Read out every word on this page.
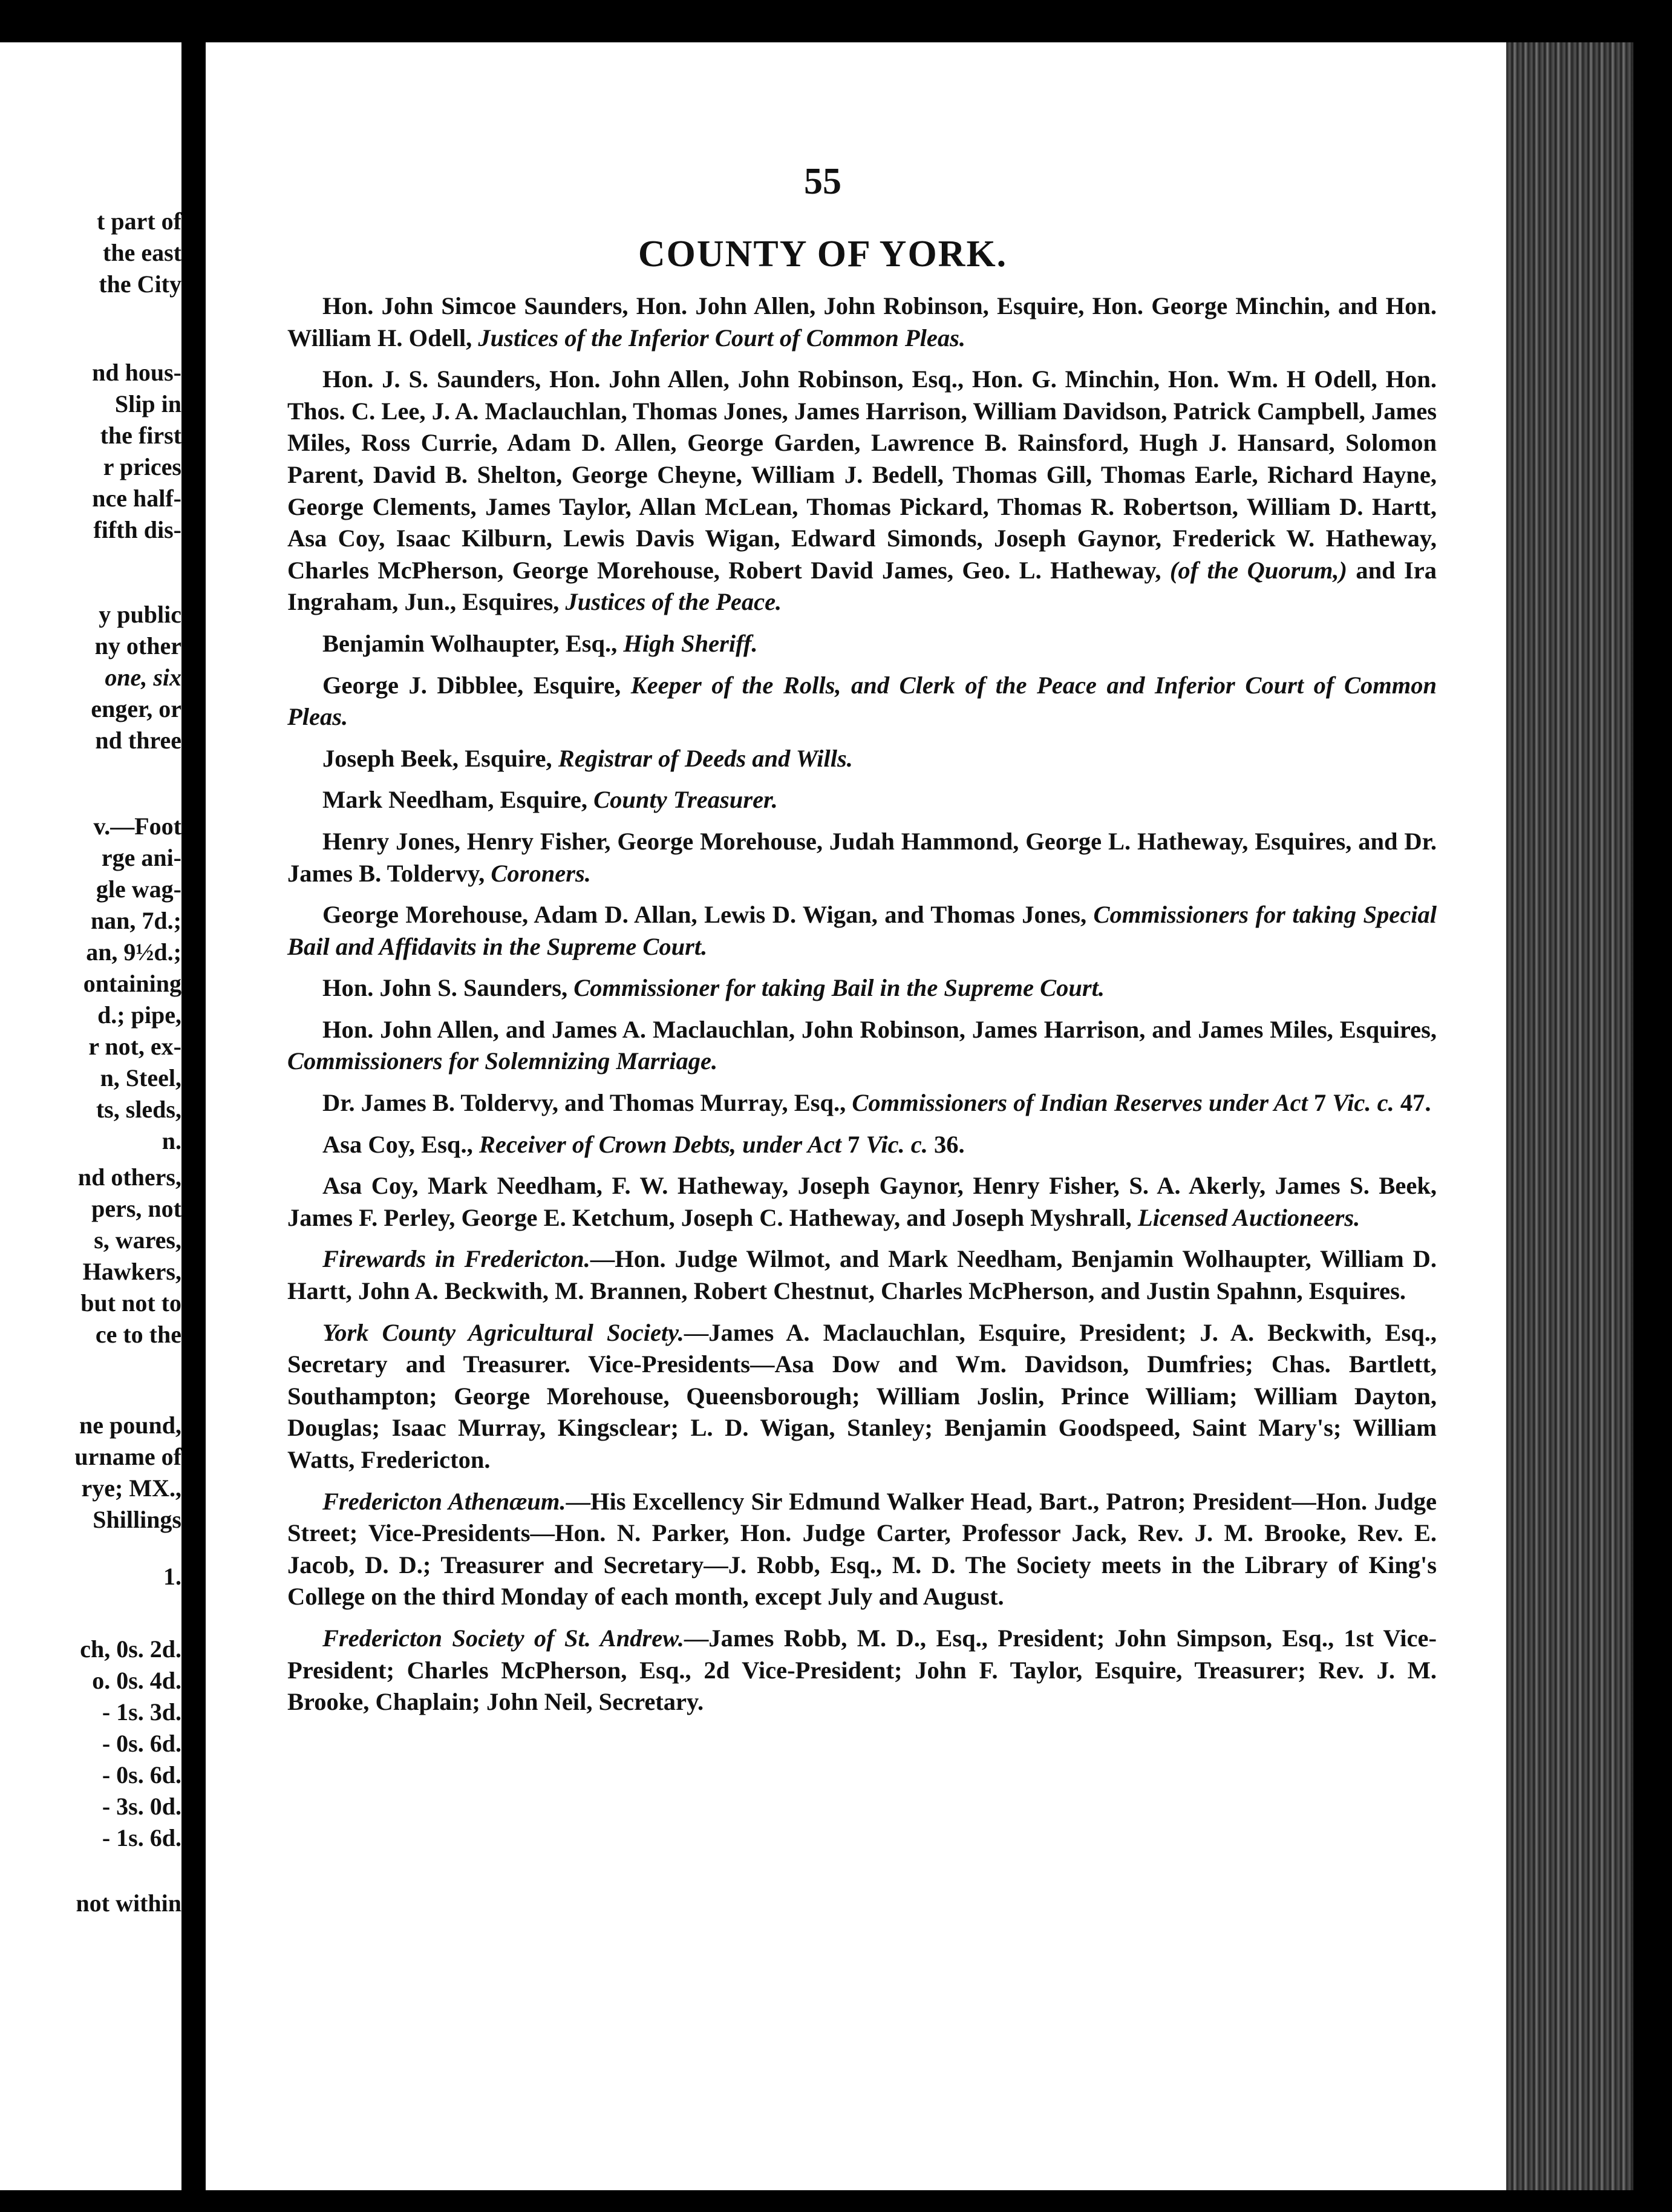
t part of
the east
the City
nd hous-
Slip in
the first
r prices
nce half-
fifth dis-
y public
ny other
one, six
enger, or
nd three
v.—Foot
rge ani-
gle wag-
nan, 7d.;
an, 9½d.;
ontaining
d.; pipe,
r not, ex-
n, Steel,
ts, sleds,
n.
nd others,
pers, not
s, wares,
Hawkers,
but not to
ce to the
ne pound,
urname of
rye; MX.,
Shillings
1.
ch, 0s. 2d.
o. 0s. 4d.
- 1s. 3d.
- 0s. 6d.
- 0s. 6d.
- 3s. 0d.
- 1s. 6d.
not within
55
COUNTY OF YORK.

Hon. John Simcoe Saunders, Hon. John Allen, John Robinson, Esquire, Hon. George Minchin, and Hon. William H. Odell, Justices of the Inferior Court of Common Pleas.

Hon. J. S. Saunders, Hon. John Allen, John Robinson, Esq., Hon. G. Minchin, Hon. Wm. H Odell, Hon. Thos. C. Lee, J. A. Maclauchlan, Thomas Jones, James Harrison, William Davidson, Patrick Campbell, James Miles, Ross Currie, Adam D. Allen, George Garden, Lawrence B. Rainsford, Hugh J. Hansard, Solomon Parent, David B. Shelton, George Cheyne, William J. Bedell, Thomas Gill, Thomas Earle, Richard Hayne, George Clements, James Taylor, Allan McLean, Thomas Pickard, Thomas R. Robertson, William D. Hartt, Asa Coy, Isaac Kilburn, Lewis Davis Wigan, Edward Simonds, Joseph Gaynor, Frederick W. Hatheway, Charles McPherson, George Morehouse, Robert David James, Geo. L. Hatheway, (of the Quorum,) and Ira Ingraham, Jun., Esquires, Justices of the Peace.

Benjamin Wolhaupter, Esq., High Sheriff.

George J. Dibblee, Esquire, Keeper of the Rolls, and Clerk of the Peace and Inferior Court of Common Pleas.

Joseph Beek, Esquire, Registrar of Deeds and Wills.

Mark Needham, Esquire, County Treasurer.

Henry Jones, Henry Fisher, George Morehouse, Judah Hammond, George L. Hatheway, Esquires, and Dr. James B. Toldervy, Coroners.

George Morehouse, Adam D. Allan, Lewis D. Wigan, and Thomas Jones, Commissioners for taking Special Bail and Affidavits in the Supreme Court.

Hon. John S. Saunders, Commissioner for taking Bail in the Supreme Court.

Hon. John Allen, and James A. Maclauchlan, John Robinson, James Harrison, and James Miles, Esquires, Commissioners for Solemnizing Marriage.

Dr. James B. Toldervy, and Thomas Murray, Esq., Commissioners of Indian Reserves under Act 7 Vic. c. 47.

Asa Coy, Esq., Receiver of Crown Debts, under Act 7 Vic. c. 36.

Asa Coy, Mark Needham, F. W. Hatheway, Joseph Gaynor, Henry Fisher, S. A. Akerly, James S. Beek, James F. Perley, George E. Ketchum, Joseph C. Hatheway, and Joseph Myshrall, Licensed Auctioneers.

Firewards in Fredericton.—Hon. Judge Wilmot, and Mark Needham, Benjamin Wolhaupter, William D. Hartt, John A. Beckwith, M. Brannen, Robert Chestnut, Charles McPherson, and Justin Spahnn, Esquires.

York County Agricultural Society.—James A. Maclauchlan, Esquire, President; J. A. Beckwith, Esq., Secretary and Treasurer. Vice-Presidents—Asa Dow and Wm. Davidson, Dumfries; Chas. Bartlett, Southampton; George Morehouse, Queensborough; William Joslin, Prince William; William Dayton, Douglas; Isaac Murray, Kingsclear; L. D. Wigan, Stanley; Benjamin Goodspeed, Saint Mary's; William Watts, Fredericton.

Fredericton Athenæum.—His Excellency Sir Edmund Walker Head, Bart., Patron; President—Hon. Judge Street; Vice-Presidents—Hon. N. Parker, Hon. Judge Carter, Professor Jack, Rev. J. M. Brooke, Rev. E. Jacob, D. D.; Treasurer and Secretary—J. Robb, Esq., M. D. The Society meets in the Library of King's College on the third Monday of each month, except July and August.

Fredericton Society of St. Andrew.—James Robb, M. D., Esq., President; John Simpson, Esq., 1st Vice-President; Charles McPherson, Esq., 2d Vice-President; John F. Taylor, Esquire, Treasurer; Rev. J. M. Brooke, Chaplain; John Neil, Secretary.
